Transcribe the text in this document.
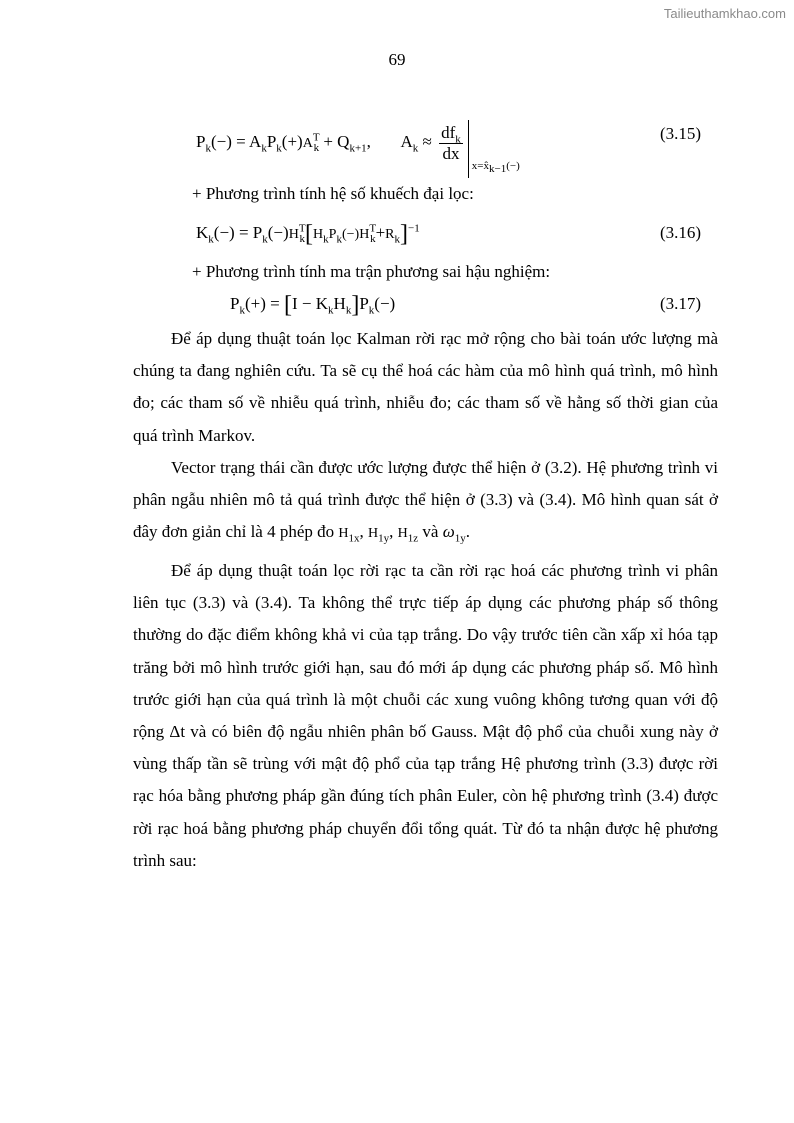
Tailieuthamkhao.com
69
$P_k(-) = A_kP_k(+)A^T_k + Q_{k+1}$, $A_k \approx \frac{df_k}{dx}$
$x=x̂_{k-1}(-)$
(3.15)
+ Phương trình tính hệ số khuếch đại lọc:
$K_k(-) = P_k(-)H^T_k[H_kP_k(-)H^T_k+R_k]^{-1}$	(3.16)
+ Phương trình tính ma trận phương sai hậu nghiệm:
$P_k(+) = [I - K_kH_k]P_k(-)$	(3.17)

Để áp dụng thuật toán lọc Kalman rời rạc mở rộng cho bài toán ước lượng mà chúng ta đang nghiên cứu. Ta sẽ cụ thể hoá các hàm của mô hình quá trình, mô hình đo; các tham số về nhiễu quá trình, nhiễu đo; các tham số về hằng số thời gian của quá trình Markov.

Vector trạng thái cần được ước lượng được thể hiện ở (3.2). Hệ phương trình vi phân ngẫu nhiên mô tả quá trình được thể hiện ở (3.3) và (3.4). Mô hình quan sát ở đây đơn giản chỉ là 4 phép đo $H_{1x}$, $H_{1y}$, $H_{1z}$ và $\omega_{1y}$.

Để áp dụng thuật toán lọc rời rạc ta cần rời rạc hoá các phương trình vi phân liên tục (3.3) và (3.4). Ta không thể trực tiếp áp dụng các phương pháp số thông thường do đặc điểm không khả vi của tạp trắng. Do vậy trước tiên cần xấp xỉ hóa tạp trăng bởi mô hình trước giới hạn, sau đó mới áp dụng các phương pháp số. Mô hình trước giới hạn của quá trình là một chuỗi các xung vuông không tương quan với độ rộng Δt và có biên độ ngẫu nhiên phân bố Gauss. Mật độ phổ của chuỗi xung này ở vùng thấp tần sẽ trùng với mật độ phổ của tạp trắng Hệ phương trình (3.3) được rời rạc hóa bằng phương pháp gần đúng tích phân Euler, còn hệ phương trình (3.4) được rời rạc hoá bằng phương pháp chuyển đổi tổng quát. Từ đó ta nhận được hệ phương trình sau:
